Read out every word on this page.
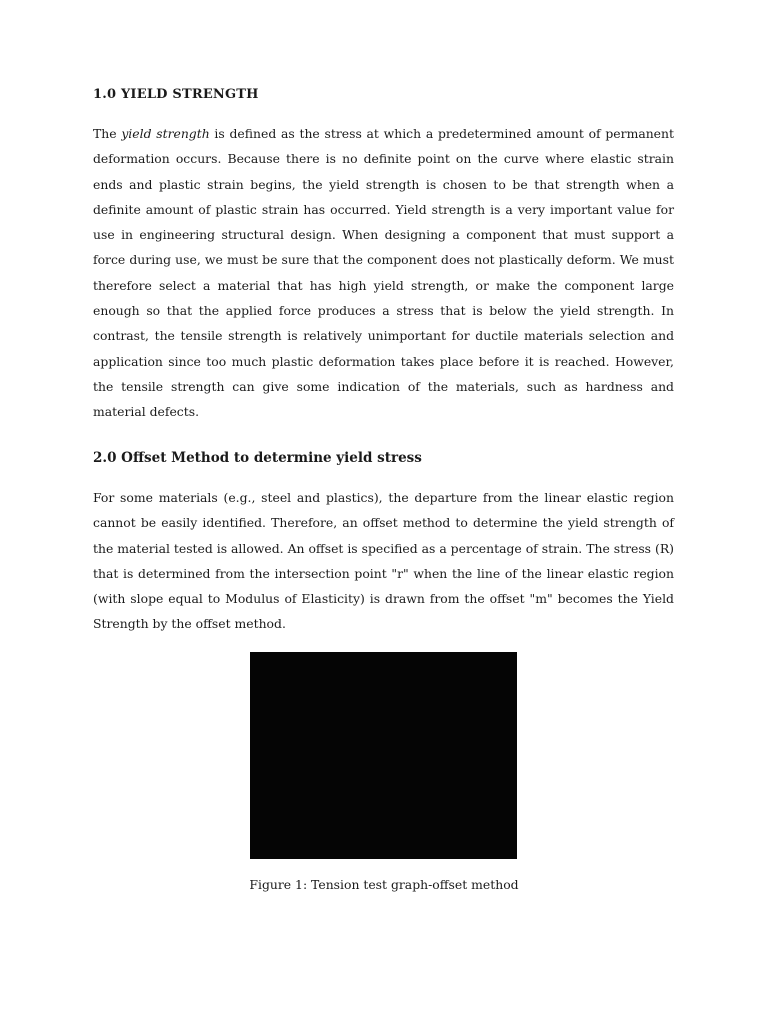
1.0 YIELD STRENGTH

The yield strength is defined as the stress at which a predetermined amount of permanent deformation occurs. Because there is no definite point on the curve where elastic strain ends and plastic strain begins, the yield strength is chosen to be that strength when a definite amount of plastic strain has occurred. Yield strength is a very important value for use in engineering structural design. When designing a component that must support a force during use, we must be sure that the component does not plastically deform. We must therefore select a material that has high yield strength, or make the component large enough so that the applied force produces a stress that is below the yield strength. In contrast, the tensile strength is relatively unimportant for ductile materials selection and application since too much plastic deformation takes place before it is reached. However, the tensile strength can give some indication of the materials, such as hardness and material defects.

2.0 Offset Method to determine yield stress

For some materials (e.g., steel and plastics), the departure from the linear elastic region cannot be easily identified. Therefore, an offset method to determine the yield strength of the material tested is allowed. An offset is specified as a percentage of strain. The stress (R) that is determined from the intersection point "r" when the line of the linear elastic region (with slope equal to Modulus of Elasticity) is drawn from the offset "m" becomes the Yield Strength by the offset method.

Figure 1: Tension test graph-offset method
